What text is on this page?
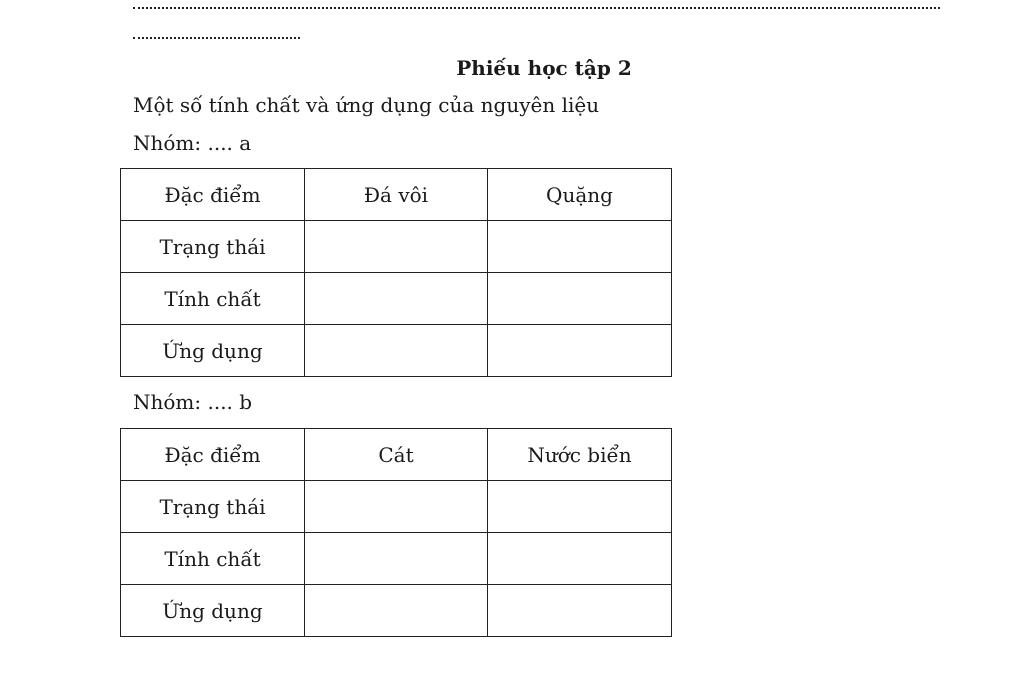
Phiếu học tập 2
Một số tính chất và ứng dụng của nguyên liệu
Nhóm: .... a
Đặc điểm	Đá vôi	Quặng
Trạng thái		
Tính chất		
Ứng dụng		
Nhóm: .... b
Đặc điểm	Cát	Nước biển
Trạng thái		
Tính chất		
Ứng dụng		
